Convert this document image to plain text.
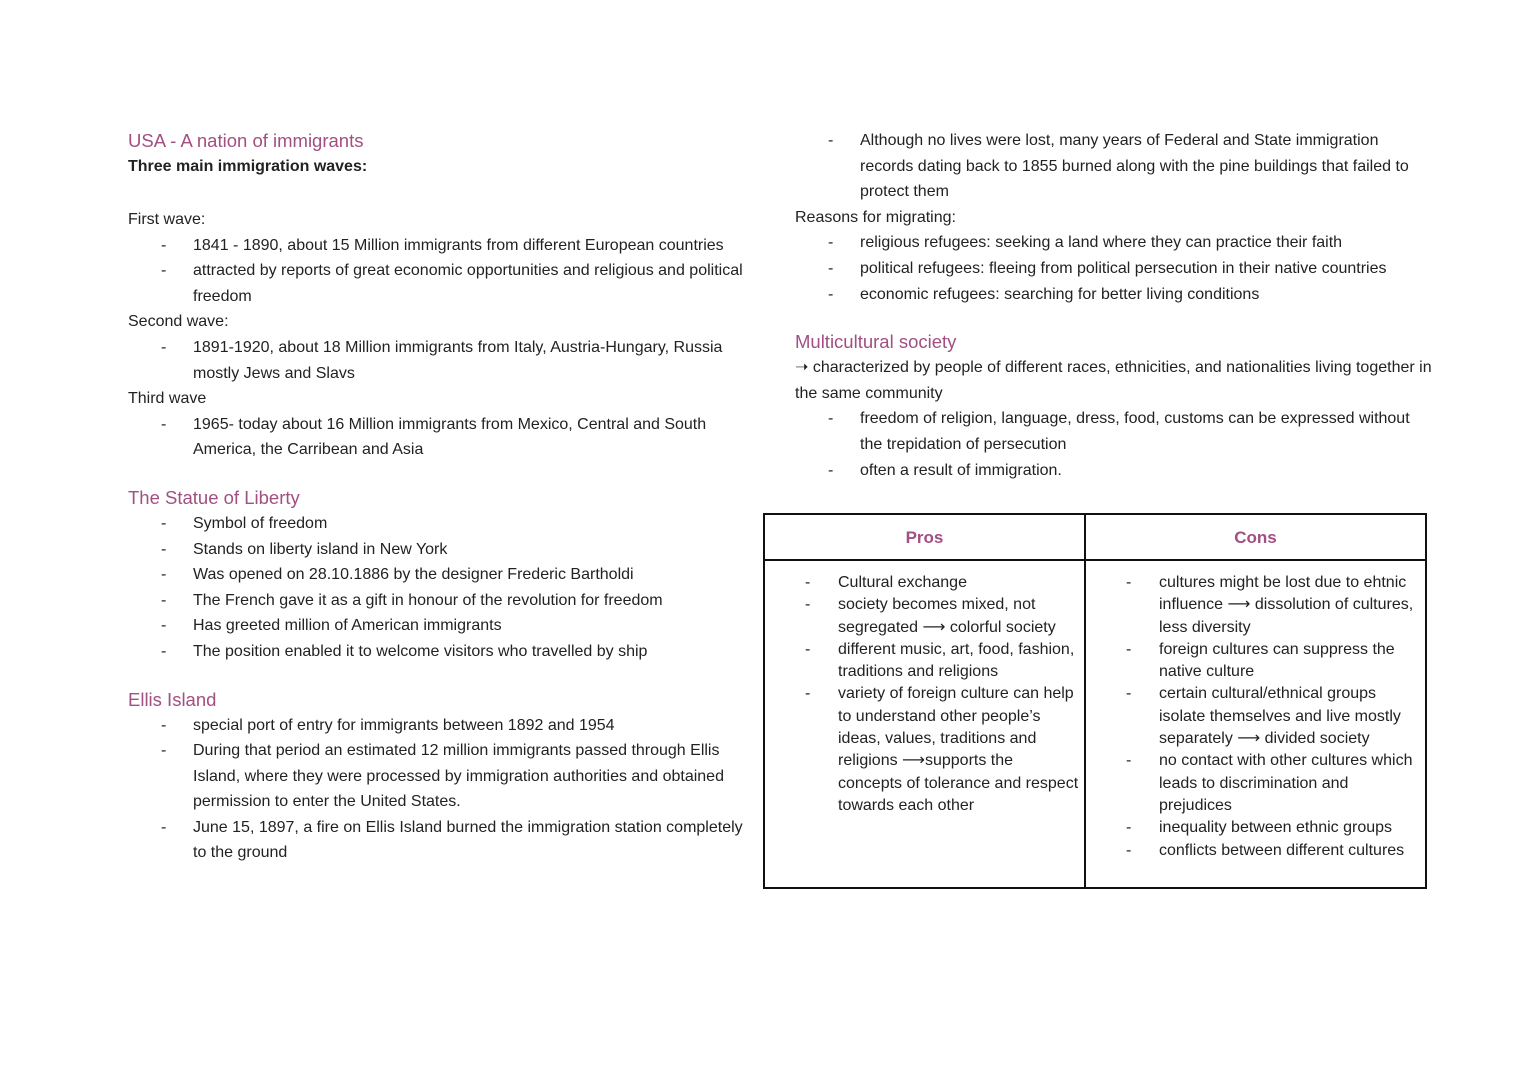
USA - A nation of immigrants

Three main immigration waves:

First wave:

- 1841 - 1890, about 15 Million immigrants from different European countries
- attracted by reports of great economic opportunities and religious and political freedom

Second wave:

- 1891-1920, about 18 Million immigrants from Italy, Austria-Hungary, Russia mostly Jews and Slavs

Third wave

- 1965- today about 16 Million immigrants from Mexico, Central and South America, the Carribean and Asia
The Statue of Liberty
- Symbol of freedom
- Stands on liberty island in New York
- Was opened on 28.10.1886 by the designer Frederic Bartholdi
- The French gave it as a gift in honour of the revolution for freedom
- Has greeted million of American immigrants
- The position enabled it to welcome visitors who travelled by ship
Ellis Island
- special port of entry for immigrants between 1892 and 1954
- During that period an estimated 12 million immigrants passed through Ellis Island, where they were processed by immigration authorities and obtained permission to enter the United States.
- June 15, 1897, a fire on Ellis Island burned the immigration station completely to the ground
- Although no lives were lost, many years of Federal and State immigration records dating back to 1855 burned along with the pine buildings that failed to protect them

Reasons for migrating:

- religious refugees: seeking a land where they can practice their faith
- political refugees: fleeing from political persecution in their native countries
- economic refugees: searching for better living conditions
Multicultural society

➝ characterized by people of different races, ethnicities, and nationalities living together in the same community

- freedom of religion, language, dress, food, customs can be expressed without the trepidation of persecution
- often a result of immigration.
Pros	Cons
- Cultural exchange
- society becomes mixed, not segregated ⟶ colorful society
- different music, art, food, fashion, traditions and religions
- variety of foreign culture can help to understand other people’s ideas, values, traditions and religions ⟶supports the concepts of tolerance and respect towards each other
- cultures might be lost due to ehtnic influence ⟶ dissolution of cultures, less diversity
- foreign cultures can suppress the native culture
- certain cultural/ethnical groups isolate themselves and live mostly separately ⟶ divided society
- no contact with other cultures which leads to discrimination and prejudices
- inequality between ethnic groups
- conflicts between different cultures
